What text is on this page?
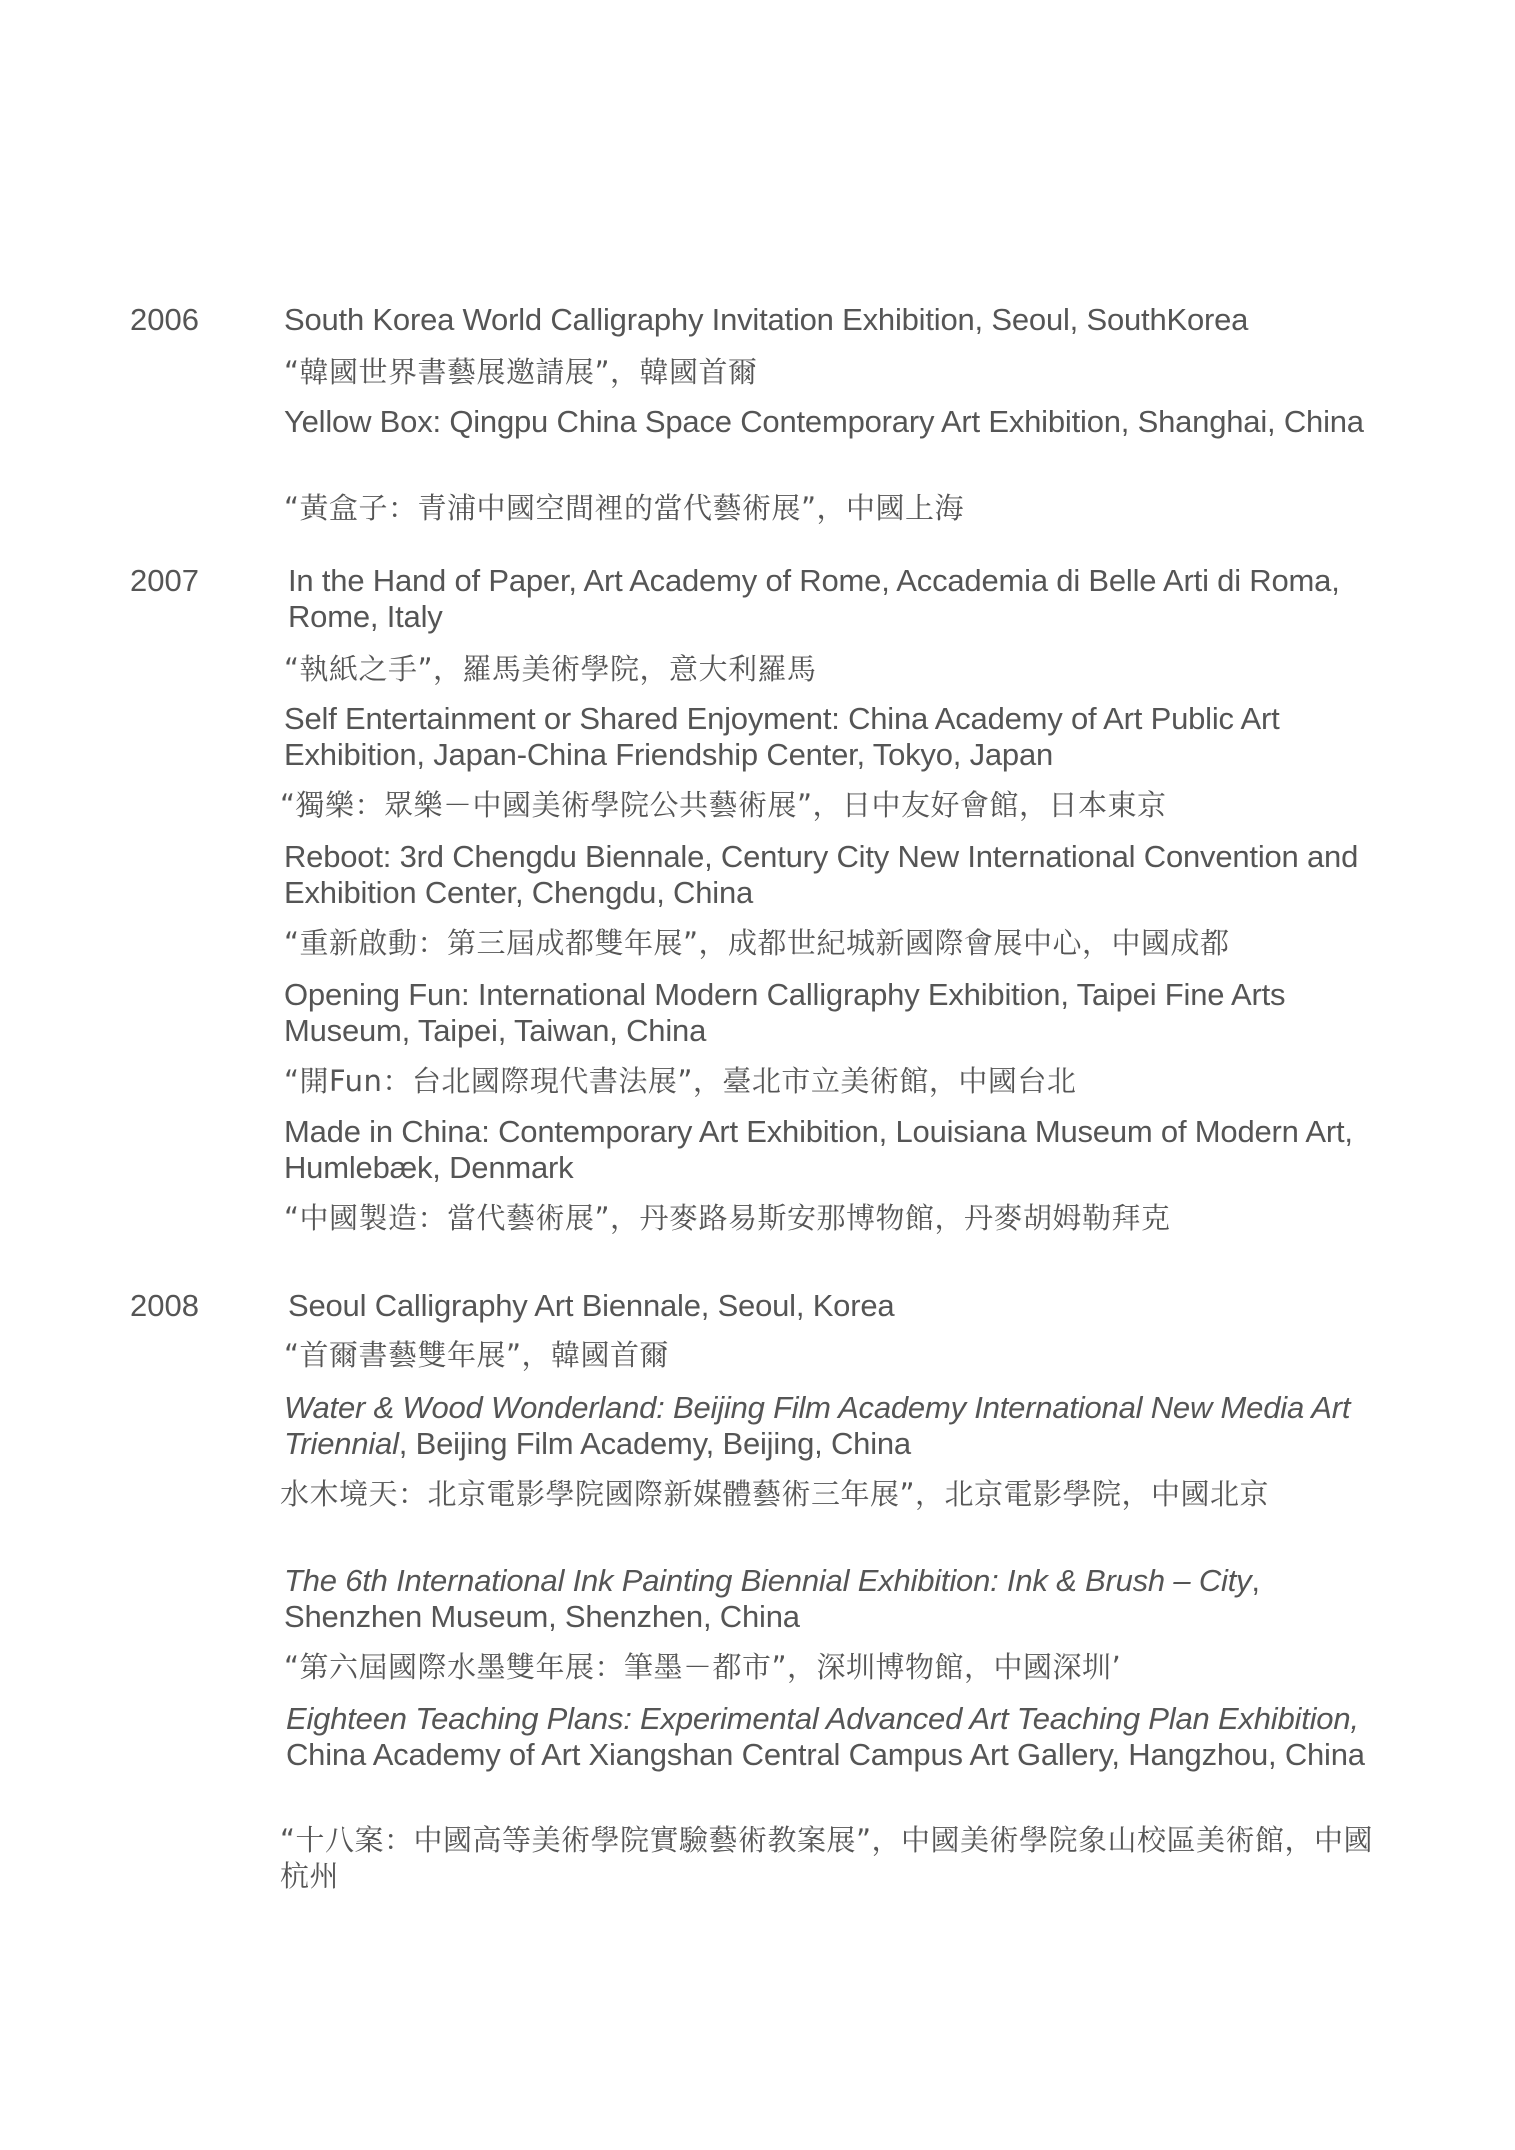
2006	South Korea World Calligraphy Invitation Exhibition, Seoul, SouthKorea
“韓國世界書藝展邀請展”，韓國首爾
Yellow Box: Qingpu China Space Contemporary Art Exhibition, Shanghai, China
“黃盒子：青浦中國空間裡的當代藝術展”，中國上海
2007	In the Hand of Paper, Art Academy of Rome, Accademia di Belle Arti di Roma, Rome, Italy
“執紙之手”，羅馬美術學院，意大利羅馬
Self Entertainment or Shared Enjoyment: China Academy of Art Public Art Exhibition, Japan-China Friendship Center, Tokyo, Japan
“獨樂：眾樂－中國美術學院公共藝術展”，日中友好會館，日本東京
Reboot: 3rd Chengdu Biennale, Century City New International Convention and Exhibition Center, Chengdu, China
“重新啟動：第三屆成都雙年展”，成都世紀城新國際會展中心，中國成都
Opening Fun: International Modern Calligraphy Exhibition, Taipei Fine Arts Museum, Taipei, Taiwan, China
“開Fun：台北國際現代書法展”，臺北市立美術館，中國台北
Made in China: Contemporary Art Exhibition, Louisiana Museum of Modern Art, Humlebæk, Denmark
“中國製造：當代藝術展”，丹麥路易斯安那博物館，丹麥胡姆勒拜克
2008	Seoul Calligraphy Art Biennale, Seoul, Korea
“首爾書藝雙年展”，韓國首爾
Water & Wood Wonderland: Beijing Film Academy International New Media Art Triennial, Beijing Film Academy, Beijing, China
水木境天：北京電影學院國際新媒體藝術三年展”，北京電影學院，中國北京
The 6th International Ink Painting Biennial Exhibition: Ink & Brush – City, Shenzhen Museum, Shenzhen, China
“第六屆國際水墨雙年展：筆墨－都市”，深圳博物館，中國深圳’
Eighteen Teaching Plans: Experimental Advanced Art Teaching Plan Exhibition, China Academy of Art Xiangshan Central Campus Art Gallery, Hangzhou, China
“十八案：中國高等美術學院實驗藝術教案展”，中國美術學院象山校區美術館，中國杭州
